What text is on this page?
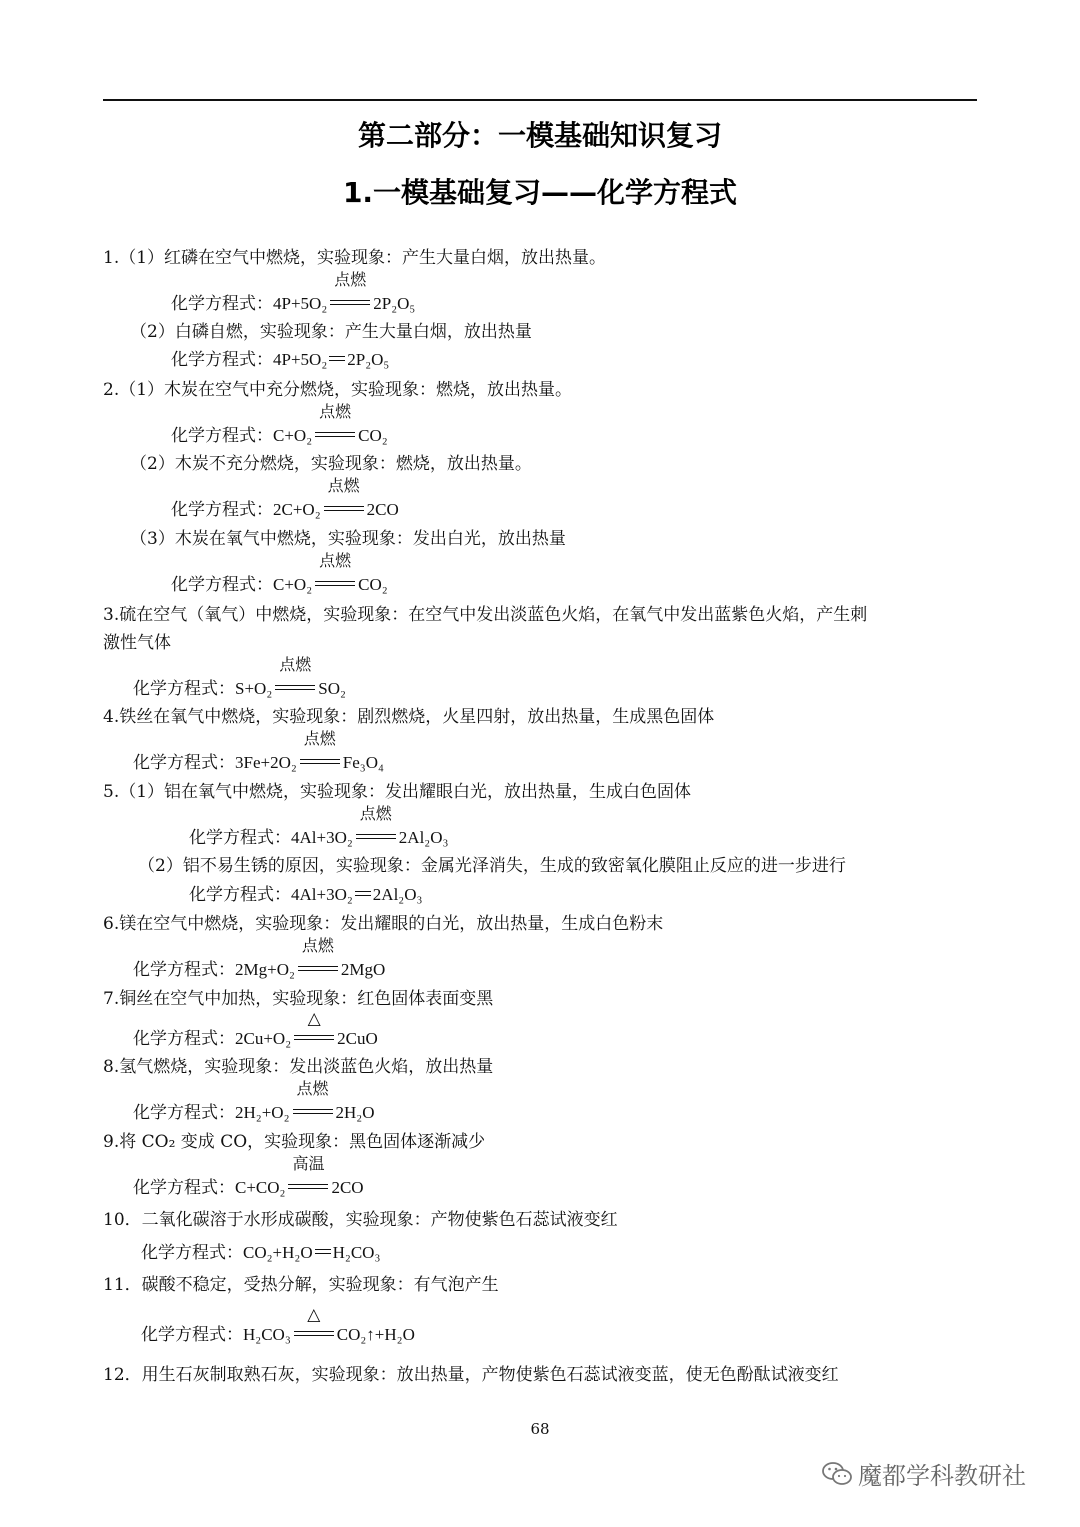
第二部分：一模基础知识复习
1.一模基础复习——化学方程式
1.（1）红磷在空气中燃烧，实验现象：产生大量白烟，放出热量。
化学方程式：4P+5O₂
点燃
2P₂O₅
（2）白磷自燃，实验现象：产生大量白烟，放出热量
化学方程式：4P+5O₂ 2P₂O₅
2.（1）木炭在空气中充分燃烧，实验现象：燃烧，放出热量。
化学方程式：C+O₂
点燃
CO₂
（2）木炭不充分燃烧，实验现象：燃烧，放出热量。
化学方程式：2C+O₂
点燃
2CO
（3）木炭在氧气中燃烧，实验现象：发出白光，放出热量
化学方程式：C+O₂
点燃
CO₂
3.硫在空气（氧气）中燃烧，实验现象：在空气中发出淡蓝色火焰，在氧气中发出蓝紫色火焰，产生刺
激性气体
化学方程式：S+O₂
点燃
SO₂
4.铁丝在氧气中燃烧，实验现象：剧烈燃烧，火星四射，放出热量，生成黑色固体
化学方程式：3Fe+2O₂
点燃
Fe₃O₄
5.（1）铝在氧气中燃烧，实验现象：发出耀眼白光，放出热量，生成白色固体
化学方程式：4Al+3O₂
点燃
2Al₂O₃
（2）铝不易生锈的原因，实验现象：金属光泽消失，生成的致密氧化膜阻止反应的进一步进行
化学方程式：4Al+3O₂ 2Al₂O₃
6.镁在空气中燃烧，实验现象：发出耀眼的白光，放出热量，生成白色粉末
化学方程式：2Mg+O₂
点燃
2MgO
7.铜丝在空气中加热，实验现象：红色固体表面变黑
化学方程式：2Cu+O₂
△
2CuO
8.氢气燃烧，实验现象：发出淡蓝色火焰，放出热量
化学方程式：2H₂+O₂
点燃
2H₂O
9.将 CO₂ 变成 CO，实验现象：黑色固体逐渐减少
化学方程式：C+CO₂
高温
2CO
10．二氧化碳溶于水形成碳酸，实验现象：产物使紫色石蕊试液变红
化学方程式：CO₂+H₂O H₂CO₃
11．碳酸不稳定，受热分解，实验现象：有气泡产生
化学方程式：H₂CO₃
△
CO₂↑+H₂O
12．用生石灰制取熟石灰，实验现象：放出热量，产物使紫色石蕊试液变蓝，使无色酚酞试液变红
68
魔都学科教研社
